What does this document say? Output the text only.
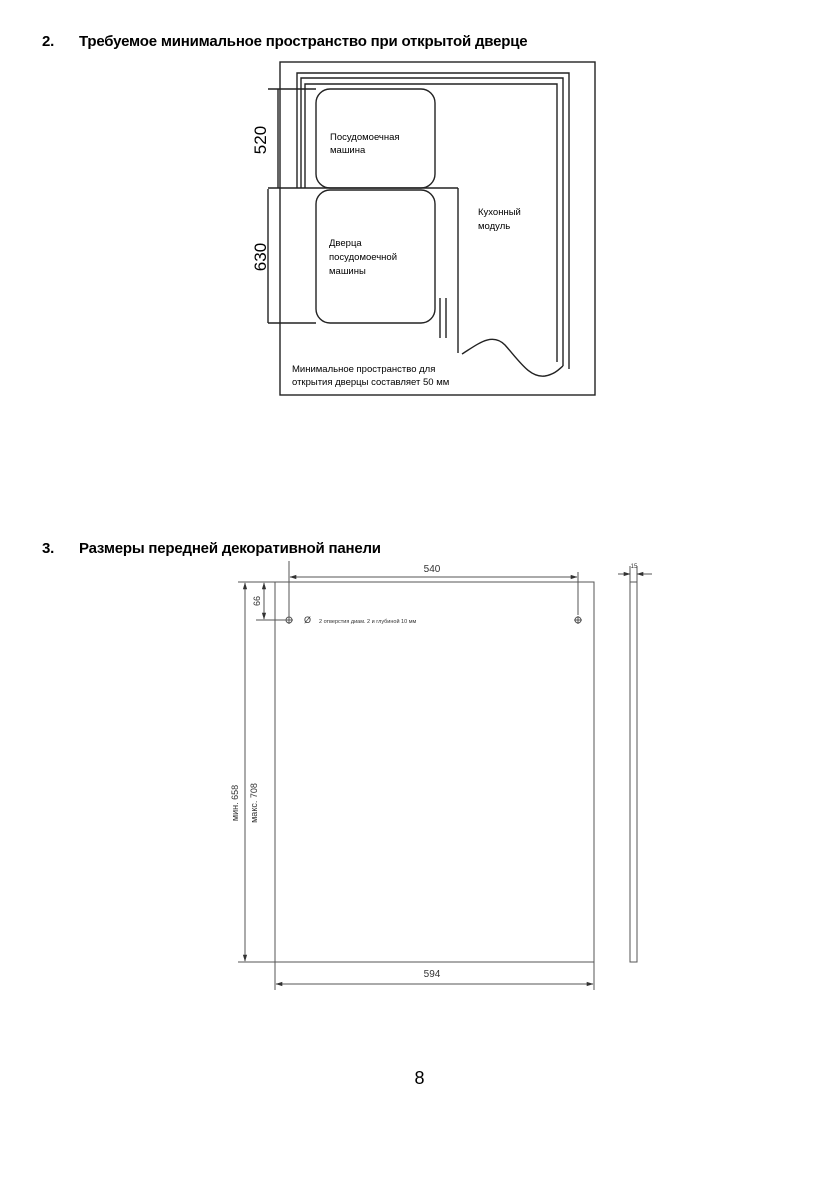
2. Требуемое минимальное пространство при открытой дверце
3. Размеры передней декоративной панели
520
630
Посудомоечная
машина
Дверца
посудомоечной
машины
Кухонный
модуль
Минимальное пространство для
открытия дверцы составляет 50 мм
540	15
66
Ø 2 отверстия диам. 2 и глубиной 10 мм
мин. 658 макс. 708
594
8
